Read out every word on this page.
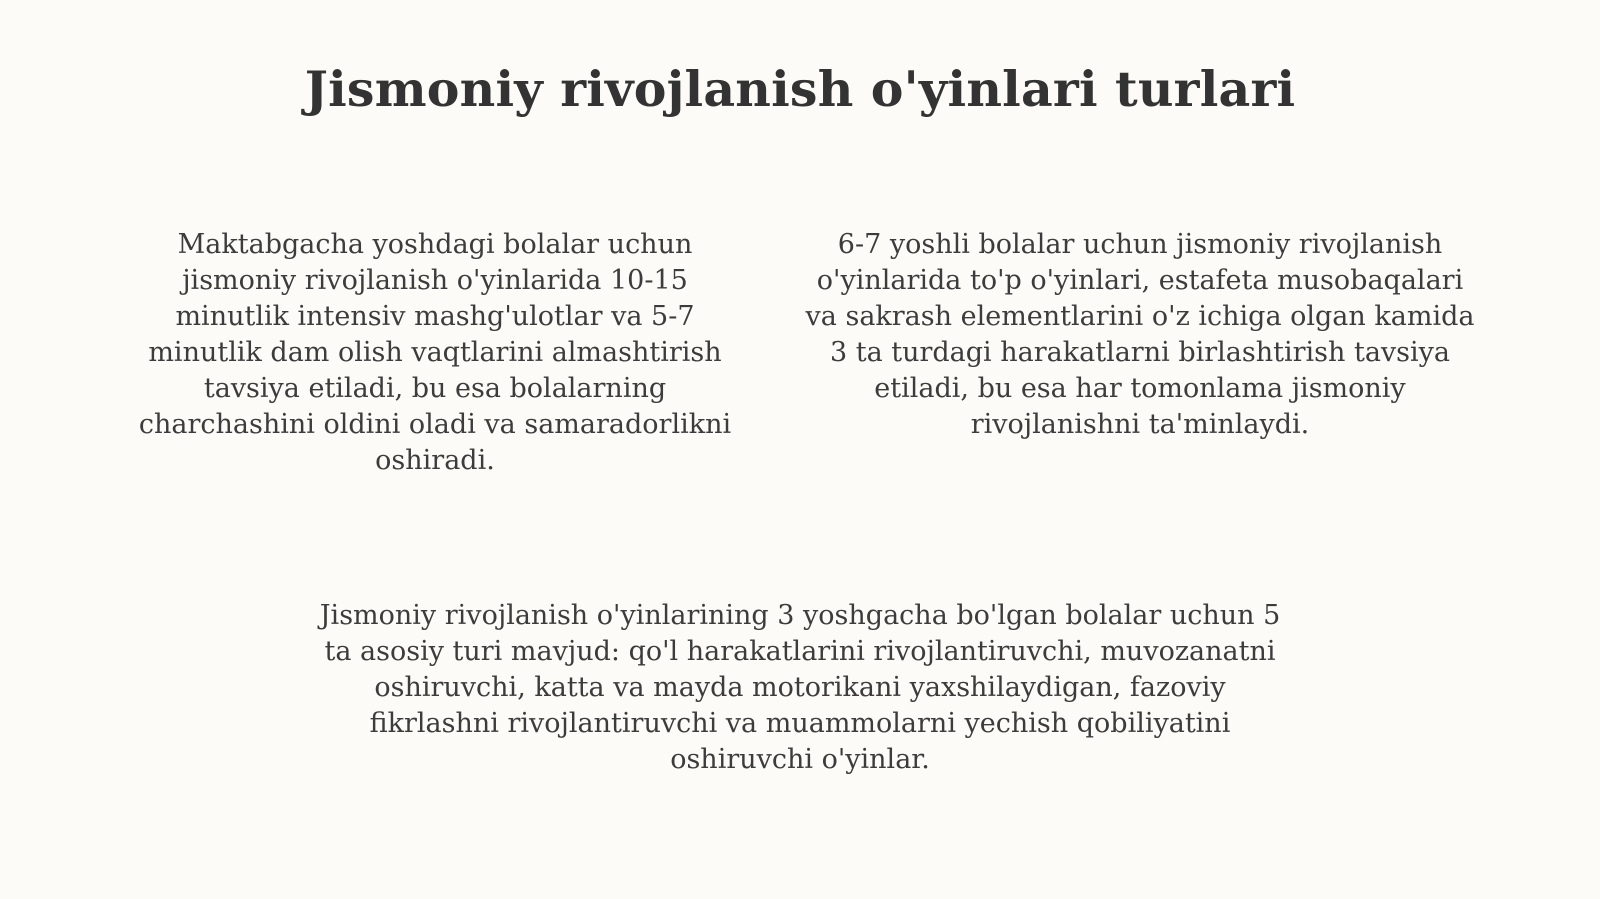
Jismoniy rivojlanish o'yinlari turlari

Maktabgacha yoshdagi bolalar uchun
jismoniy rivojlanish o'yinlarida 10-15
minutlik intensiv mashg'ulotlar va 5-7
minutlik dam olish vaqtlarini almashtirish
tavsiya etiladi, bu esa bolalarning
charchashini oldini oladi va samaradorlikni
oshiradi.

6-7 yoshli bolalar uchun jismoniy rivojlanish
o'yinlarida to'p o'yinlari, estafeta musobaqalari
va sakrash elementlarini o'z ichiga olgan kamida
3 ta turdagi harakatlarni birlashtirish tavsiya
etiladi, bu esa har tomonlama jismoniy
rivojlanishni ta'minlaydi.

Jismoniy rivojlanish o'yinlarining 3 yoshgacha bo'lgan bolalar uchun 5
ta asosiy turi mavjud: qo'l harakatlarini rivojlantiruvchi, muvozanatni
oshiruvchi, katta va mayda motorikani yaxshilaydigan, fazoviy
fikrlashni rivojlantiruvchi va muammolarni yechish qobiliyatini
oshiruvchi o'yinlar.
